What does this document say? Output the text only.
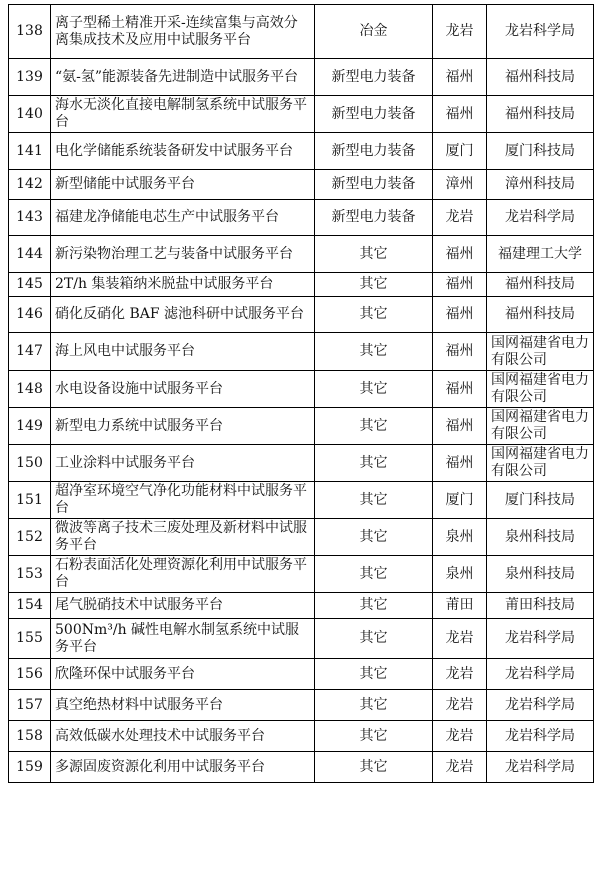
138	离子型稀土精准开采-连续富集与高效分离集成技术及应用中试服务平台	冶金	龙岩	龙岩科学局
139	“氨-氢”能源装备先进制造中试服务平台	新型电力装备	福州	福州科技局
140	海水无淡化直接电解制氢系统中试服务平台	新型电力装备	福州	福州科技局
141	电化学储能系统装备研发中试服务平台	新型电力装备	厦门	厦门科技局
142	新型储能中试服务平台	新型电力装备	漳州	漳州科技局
143	福建龙净储能电芯生产中试服务平台	新型电力装备	龙岩	龙岩科学局
144	新污染物治理工艺与装备中试服务平台	其它	福州	福建理工大学
145	2T/h 集装箱纳米脱盐中试服务平台	其它	福州	福州科技局
146	硝化反硝化 BAF 滤池科研中试服务平台	其它	福州	福州科技局
147	海上风电中试服务平台	其它	福州	国网福建省电力有限公司
148	水电设备设施中试服务平台	其它	福州	国网福建省电力有限公司
149	新型电力系统中试服务平台	其它	福州	国网福建省电力有限公司
150	工业涂料中试服务平台	其它	福州	国网福建省电力有限公司
151	超净室环境空气净化功能材料中试服务平台	其它	厦门	厦门科技局
152	微波等离子技术三废处理及新材料中试服务平台	其它	泉州	泉州科技局
153	石粉表面活化处理资源化利用中试服务平台	其它	泉州	泉州科技局
154	尾气脱硝技术中试服务平台	其它	莆田	莆田科技局
155	500Nm³/h 碱性电解水制氢系统中试服务平台	其它	龙岩	龙岩科学局
156	欣隆环保中试服务平台	其它	龙岩	龙岩科学局
157	真空绝热材料中试服务平台	其它	龙岩	龙岩科学局
158	高效低碳水处理技术中试服务平台	其它	龙岩	龙岩科学局
159	多源固废资源化利用中试服务平台	其它	龙岩	龙岩科学局
